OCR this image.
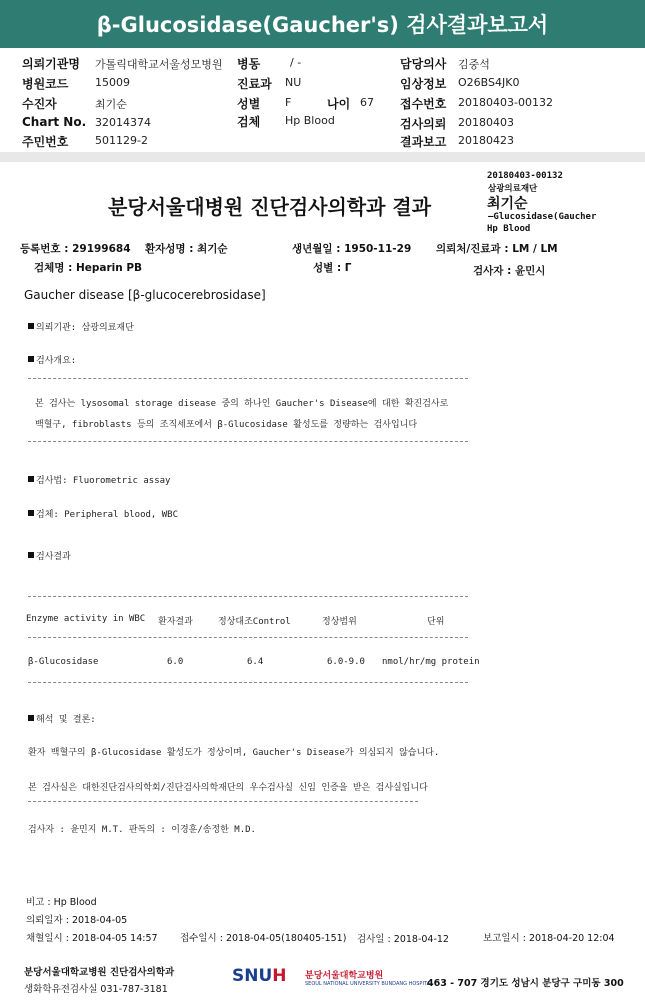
β-Glucosidase(Gaucher's) 검사결과보고서
의뢰기관명 가톨릭대학교서울성모병원 병동	/ -	담당의사 김중석
병원코드 15009	진료과 NU	임상정보 O26BS4JK0
수진자	최기순	성별 F	나이 67 접수번호 20180403-00132
Chart No. 32014374	검체 Hp Blood	검사의뢰 20180403
주민번호 501129-2	결과보고 20180423
20180403-00132
삼광의료재단
최기순
—Glucosidase(Gaucher
Hp Blood
분당서울대병원 진단검사의학과 결과
등록번호 : 29199684 환자성명 : 최기순	생년월일 : 1950-11-29 의뢰처/진료과 : LM / LM
검체명 : Heparin PB	성별 : Γ	검사자 : 윤민시
Gaucher disease [β-glucocerebrosidase]
의뢰기관: 삼광의료재단
검사개요:
본 검사는 lysosomal storage disease 중의 하나인 Gaucher's Disease에 대한 확진검사로
백혈구, fibroblasts 등의 조직세포에서 β-Glucosidase 활성도를 정량하는 검사입니다
검사법: Fluorometric assay
검체: Peripheral blood, WBC
검사결과
Enzyme activity in WBC 환자결과	정상대조Control	정상범위	단위
β-Glucosidase	6.0	6.4	6.0-9.0 nmol/hr/mg protein
해석 및 결론:
환자 백혈구의 β-Glucosidase 활성도가 정상이며, Gaucher's Disease가 의심되지 않습니다.
본 검사실은 대한진단검사의학회/진단검사의학재단의 우수검사실 신임 인증을 받은 검사실입니다
검사자 : 윤민지 M.T. 판독의 : 이경훈/송정한 M.D.
비고 : Hp Blood
의뢰일자 : 2018-04-05
채혈일시 : 2018-04-05 14:57 접수일시 : 2018-04-05(180405-151) 검사일 : 2018-04-12	보고일시 : 2018-04-20 12:04
분당서울대학교병원 진단검사의학과
생화학유전검사실 031-787-3181
SNUH 분당서울대학교병원
SEOUL NATIONAL UNIVERSITY BUNDANG HOSPITAL
463 - 707 경기도 성남시 분당구 구미동 300
